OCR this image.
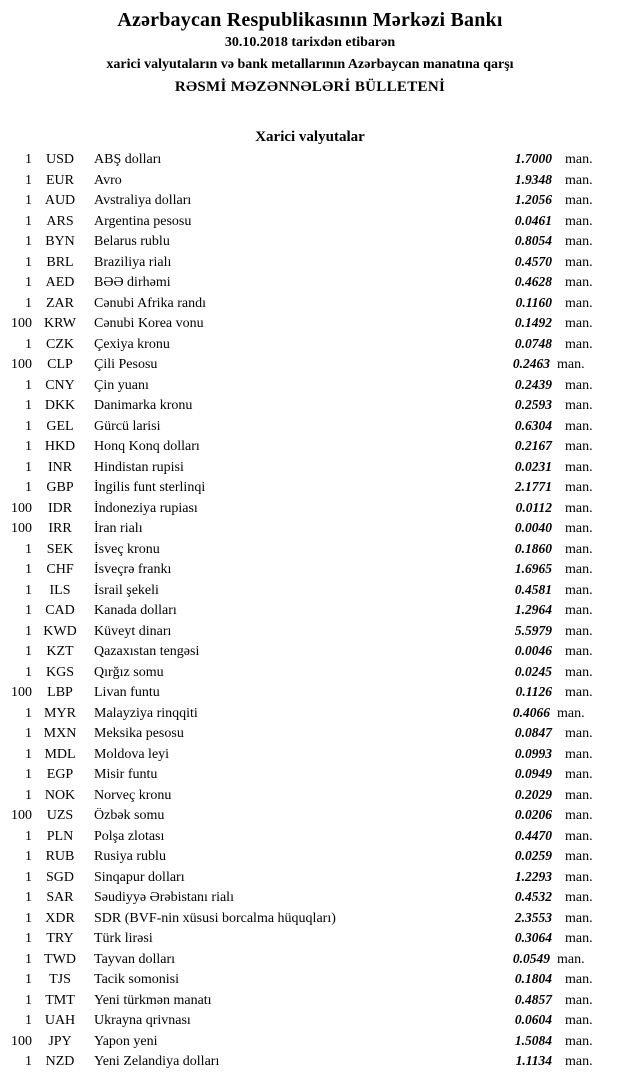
Azərbaycan Respublikasının Mərkəzi Bankı
30.10.2018 tarixdən etibarən
xarici valyutaların və bank metallarının Azərbaycan manatına qarşı
RƏSMİ MƏZƏNNƏLƏRİ BÜLLETENİ
Xarici valyutalar
1 USD	ABŞ dolları	1.7000 man.
1	EUR	Avro	1.9348 man.
1 AUD	Avstraliya dolları	1.2056 man.
1	ARS	Argentina pesosu	0.0461 man.
1 BYN	Belarus rublu	0.8054 man.
1	BRL	Braziliya rialı	0.4570 man.
1 AED	BƏƏ dirhəmi	0.4628 man.
1	ZAR	Cənubi Afrika randı	0.1160 man.
100 KRW	Cənubi Korea vonu	0.1492 man.
1	CZK	Çexiya kronu	0.0748 man.
100	CLP	Çili Pesosu	0.2463 man.
1 CNY	Çin yuanı	0.2439 man.
1 DKK	Danimarka kronu	0.2593 man.
1	GEL	Gürcü larisi	0.6304 man.
1 HKD	Honq Konq dolları	0.2167 man.
1	INR	Hindistan rupisi	0.0231 man.
1	GBP	İngilis funt sterlinqi	2.1771 man.
100	IDR	İndoneziya rupiası	0.0112 man.
100	IRR	İran rialı	0.0040 man.
1	SEK	İsveç kronu	0.1860 man.
1	CHF	İsveçrə frankı	1.6965 man.
1	ILS	İsrail şekeli	0.4581 man.
1 CAD	Kanada dolları	1.2964 man.
1 KWD	Küveyt dinarı	5.5979 man.
1	KZT	Qazaxıstan tengəsi	0.0046 man.
1 KGS	Qırğız somu	0.0245 man.
100	LBP	Livan funtu	0.1126 man.
1 MYR	Malayziya rinqqiti	0.4066 man.
1 MXN	Meksika pesosu	0.0847 man.
1 MDL	Moldova leyi	0.0993 man.
1	EGP	Misir funtu	0.0949 man.
1 NOK	Norveç kronu	0.2029 man.
100	UZS	Özbək somu	0.0206 man.
1	PLN	Polşa zlotası	0.4470 man.
1 RUB	Rusiya rublu	0.0259 man.
1 SGD	Sinqapur dolları	1.2293 man.
1	SAR	Səudiyyə Ərəbistanı rialı	0.4532 man.
1 XDR	SDR (BVF-nin xüsusi borcalma hüquqları)	2.3553 man.
1	TRY	Türk lirəsi	0.3064 man.
1 TWD	Tayvan dolları	0.0549 man.
1	TJS	Tacik somonisi	0.1804 man.
1 TMT	Yeni türkmən manatı	0.4857 man.
1 UAH	Ukrayna qrivnası	0.0604 man.
100	JPY	Yapon yeni	1.5084 man.
1 NZD	Yeni Zelandiya dolları	1.1134 man.
